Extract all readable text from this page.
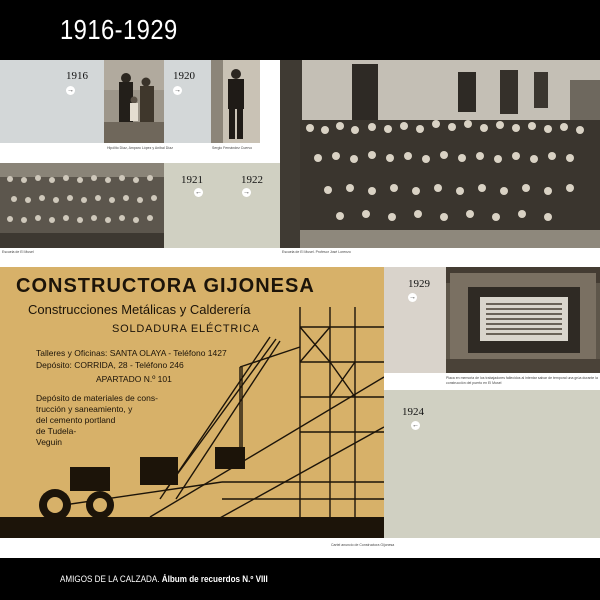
1916-1929
1916
→
Hipólito Díaz, Amparo López y Aníbal Díaz
1920
→
Sergio Fernández Cuervo
Escuela de El Musel. Profesor José Lorenzo
Escuela de El Musel
1921
←
1922
→
CONSTRUCTORA GIJONESA
Construcciones Metálicas y Calderería
SOLDADURA ELÉCTRICA
Talleres y Oficinas: SANTA OLAYA - Teléfono 1427
Depósito: CORRIDA, 28 - Teléfono 246
APARTADO N.º 101
Depósito de materiales de cons-
trucción y saneamiento, y
del cemento portland
de Tudela-
Veguin
Cartel anuncio de Constructora Gijonesa
1929
→
Placa en memoria de los trabajadores fallecidos al intentar salvar de temporal una grúa durante la construcción del puerto en El Musel
1924
←
AMIGOS DE LA CALZADA. Álbum de recuerdos N.º VIII
